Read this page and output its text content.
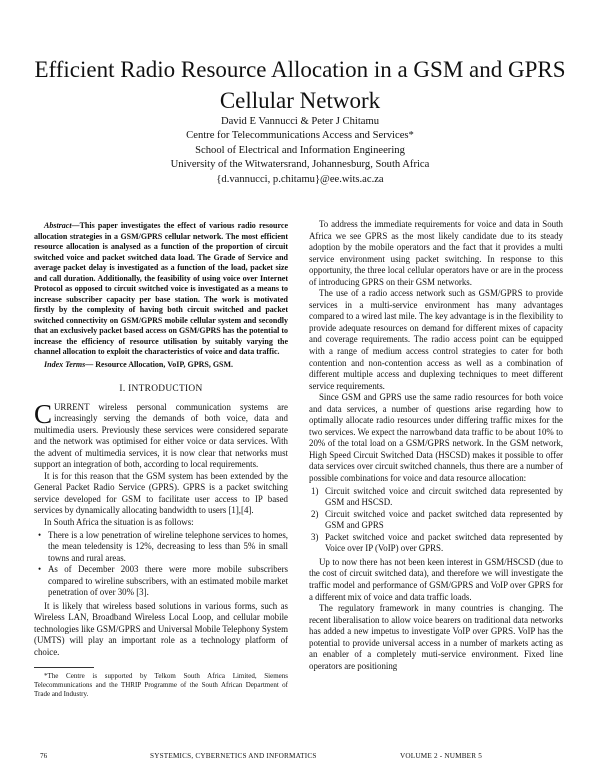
Efficient Radio Resource Allocation in a GSM and GPRS Cellular Network
David E Vannucci & Peter J Chitamu
Centre for Telecommunications Access and Services*
School of Electrical and Information Engineering
University of the Witwatersrand, Johannesburg, South Africa
{d.vannucci, p.chitamu}@ee.wits.ac.za

Abstract—This paper investigates the effect of various radio resource allocation strategies in a GSM/GPRS cellular network. The most efficient resource allocation is analysed as a function of the proportion of circuit switched voice and packet switched data load. The Grade of Service and average packet delay is investigated as a function of the load, packet size and call duration. Additionally, the feasibility of using voice over Internet Protocol as opposed to circuit switched voice is investigated as a means to increase subscriber capacity per base station. The work is motivated firstly by the complexity of having both circuit switched and packet switched connectivity on GSM/GPRS mobile cellular system and secondly that an exclusively packet based access on GSM/GPRS has the potential to increase the efficiency of resource utilisation by suitably varying the channel allocation to exploit the characteristics of voice and data traffic.

Index Terms— Resource Allocation, VoIP, GPRS, GSM.

I. INTRODUCTION

CURRENT wireless personal communication systems are increasingly serving the demands of both voice, data and multimedia users. Previously these services were considered separate and the network was optimised for either voice or data services. With the advent of multimedia services, it is now clear that networks must support an integration of both, according to local requirements.

It is for this reason that the GSM system has been extended by the General Packet Radio Service (GPRS). GPRS is a packet switching service developed for GSM to facilitate user access to IP based services by dynamically allocating bandwidth to users [1],[4].

In South Africa the situation is as follows:

• There is a low penetration of wireline telephone services to homes, the mean teledensity is 12%, decreasing to less than 5% in small towns and rural areas.
• As of December 2003 there were more mobile subscribers compared to wireline subscribers, with an estimated mobile market penetration of over 30% [3].

It is likely that wireless based solutions in various forms, such as Wireless LAN, Broadband Wireless Local Loop, and cellular mobile technologies like GSM/GPRS and Universal Mobile Telephony System (UMTS) will play an important role as a technology platform of choice.

*The Centre is supported by Telkom South Africa Limited, Siemens Telecommunications and the THRIP Programme of the South African Department of Trade and Industry.

To address the immediate requirements for voice and data in South Africa we see GPRS as the most likely candidate due to its steady adoption by the mobile operators and the fact that it provides a multi service environment using packet switching. In response to this opportunity, the three local cellular operators have or are in the process of introducing GPRS on their GSM networks.

The use of a radio access network such as GSM/GPRS to provide services in a multi-service environment has many advantages compared to a wired last mile. The key advantage is in the flexibility to provide adequate resources on demand for different mixes of capacity and coverage requirements. The radio access point can be equipped with a range of medium access control strategies to cater for both contention and non-contention access as well as a combination of different multiple access and duplexing techniques to meet different service requirements.

Since GSM and GPRS use the same radio resources for both voice and data services, a number of questions arise regarding how to optimally allocate radio resources under differing traffic mixes for the two services. We expect the narrowband data traffic to be about 10% to 20% of the total load on a GSM/GPRS network. In the GSM network, High Speed Circuit Switched Data (HSCSD) makes it possible to offer data services over circuit switched channels, thus there are a number of possible combinations for voice and data resource allocation:

1) Circuit switched voice and circuit switched data represented by GSM and HSCSD.
2) Circuit switched voice and packet switched data represented by GSM and GPRS
3) Packet switched voice and packet switched data represented by Voice over IP (VoIP) over GPRS.

Up to now there has not been keen interest in GSM/HSCSD (due to the cost of circuit switched data), and therefore we will investigate the traffic model and performance of GSM/GPRS and VoIP over GPRS for a different mix of voice and data traffic loads.

The regulatory framework in many countries is changing. The recent liberalisation to allow voice bearers on traditional data networks has added a new impetus to investigate VoIP over GPRS. VoIP has the potential to provide universal access in a number of markets acting as an enabler of a completely muti-service environment. Fixed line operators are positioning

76	SYSTEMICS, CYBERNETICS AND INFORMATICS	VOLUME 2 - NUMBER 5
